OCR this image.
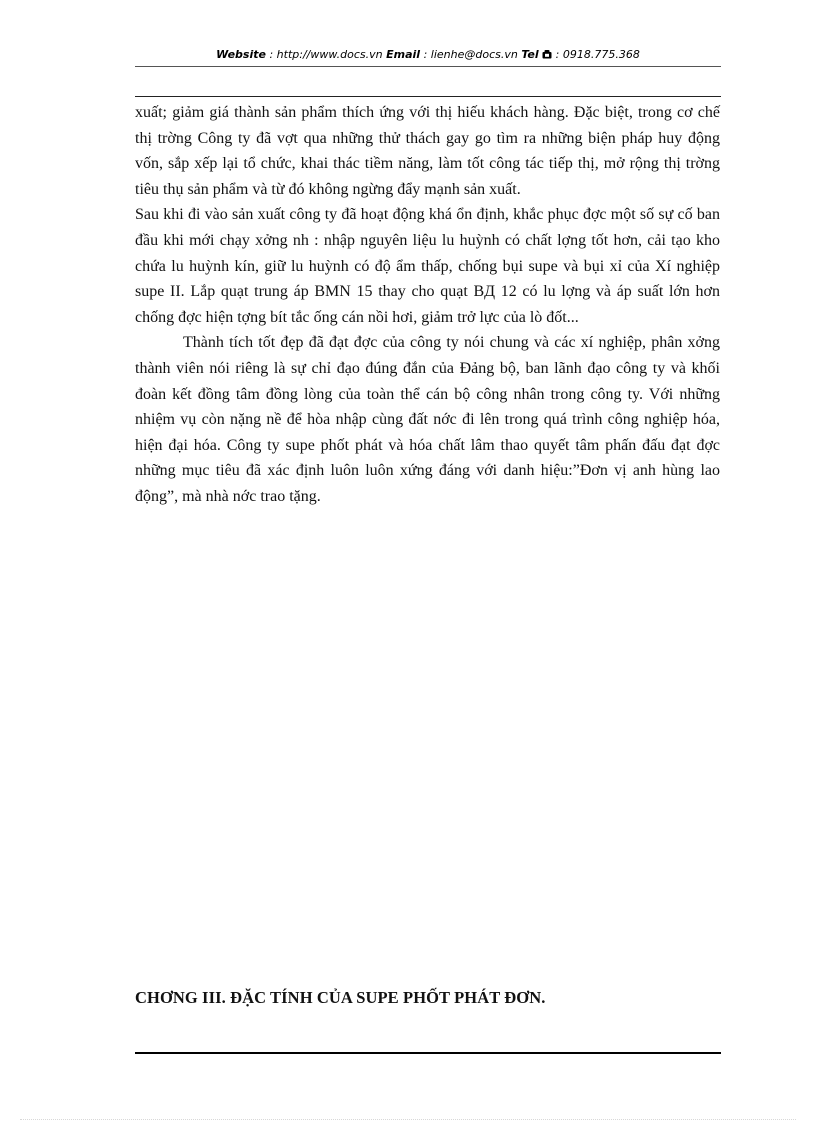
Website : http://www.docs.vn Email : lienhe@docs.vn Tel : 0918.775.368

xuất; giảm giá thành sản phẩm thích ứng với thị hiếu khách hàng. Đặc biệt, trong cơ chế thị trờng Công ty đã vợt qua những thử thách gay go tìm ra những biện pháp huy động vốn, sắp xếp lại tổ chức, khai thác tiềm năng, làm tốt công tác tiếp thị, mở rộng thị trờng tiêu thụ sản phẩm và từ đó không ngừng đẩy mạnh sản xuất.

Sau khi đi vào sản xuất công ty đã hoạt động khá ổn định, khắc phục đợc một số sự cố ban đầu khi mới chạy xởng nh : nhập nguyên liệu lu huỳnh có chất lợng tốt hơn, cải tạo kho chứa lu huỳnh kín, giữ lu huỳnh có độ ẩm thấp, chống bụi supe và bụi xỉ của Xí nghiệp supe II. Lắp quạt trung áp BMN 15 thay cho quạt BД 12 có lu lợng và áp suất lớn hơn chống đợc hiện tợng bít tắc ống cán nồi hơi, giảm trở lực của lò đốt...

Thành tích tốt đẹp đã đạt đợc của công ty nói chung và các xí nghiệp, phân xởng thành viên nói riêng là sự chỉ đạo đúng đắn của Đảng bộ, ban lãnh đạo công ty và khối đoàn kết đồng tâm đồng lòng của toàn thể cán bộ công nhân trong công ty. Với những nhiệm vụ còn nặng nề để hòa nhập cùng đất nớc đi lên trong quá trình công nghiệp hóa, hiện đại hóa. Công ty supe phốt phát và hóa chất lâm thao quyết tâm phấn đấu đạt đợc những mục tiêu đã xác định luôn luôn xứng đáng với danh hiệu:”Đơn vị anh hùng lao động”, mà nhà nớc trao tặng.

CHƠNG III. ĐẶC TÍNH CỦA SUPE PHỐT PHÁT ĐƠN.
